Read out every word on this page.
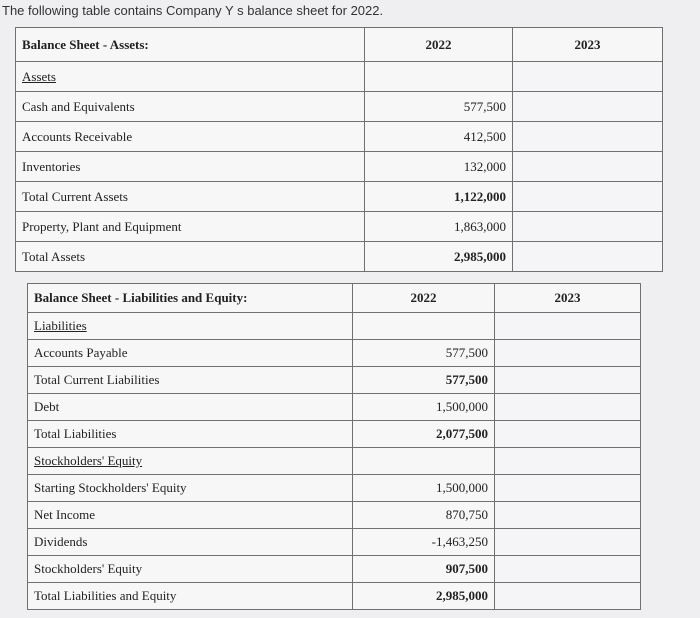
The following table contains Company Y s balance sheet for 2022.
Balance Sheet - Assets:	2022	2023
Assets		
Cash and Equivalents	577,500	
Accounts Receivable	412,500	
Inventories	132,000	
Total Current Assets	1,122,000	
Property, Plant and Equipment	1,863,000	
Total Assets	2,985,000	
Balance Sheet - Liabilities and Equity:	2022	2023
Liabilities		
Accounts Payable	577,500	
Total Current Liabilities	577,500	
Debt	1,500,000	
Total Liabilities	2,077,500	
Stockholders' Equity		
Starting Stockholders' Equity	1,500,000	
Net Income	870,750	
Dividends	-1,463,250	
Stockholders' Equity	907,500	
Total Liabilities and Equity	2,985,000	
